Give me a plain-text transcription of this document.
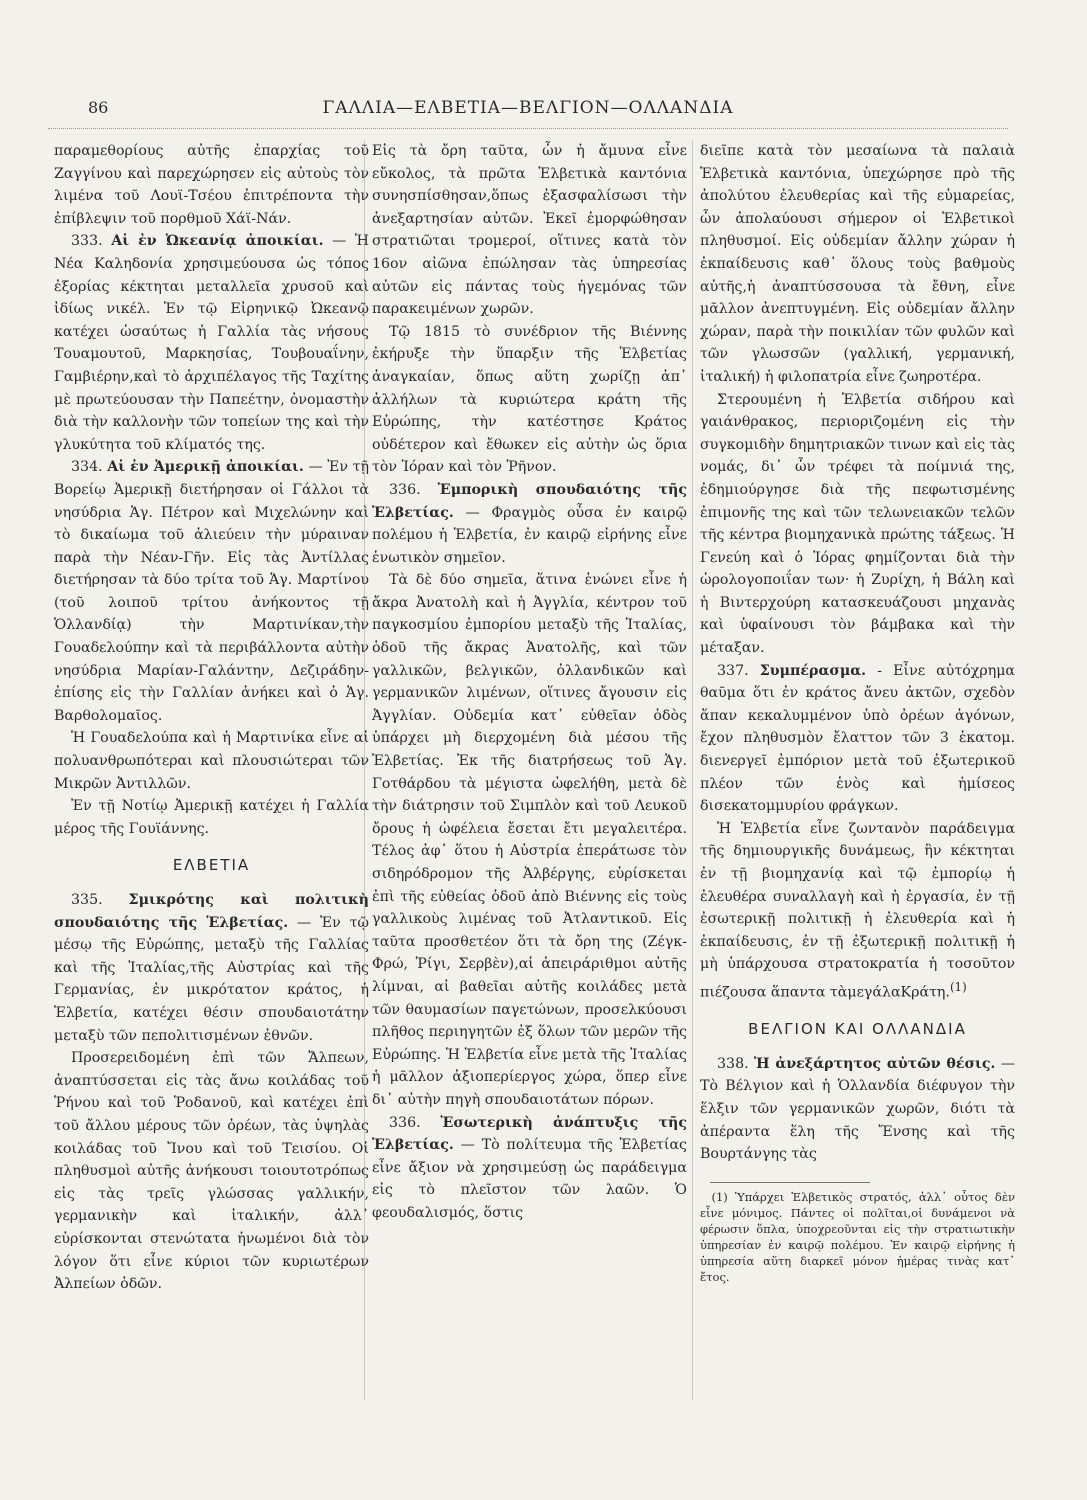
86	ΓΑΛΛΙΑ—ΕΛΒΕΤΙΑ—ΒΕΛΓΙΟΝ—ΟΛΛΑΝΔΙΑ

παραμεθορίους αὐτῆς ἐπαρχίας τοῦ Ζαγγίνου καὶ παρεχώρησεν εἰς αὐτοὺς τὸν λιμένα τοῦ Λουϊ-Τσέου ἐπιτρέποντα τὴν ἐπίβλεψιν τοῦ πορθμοῦ Χάϊ-Νάν.

333. Αἱ ἐν Ὠκεανίᾳ ἀποικίαι. — Ἡ Νέα Καληδονία χρησιμεύουσα ὡς τόπος ἐξορίας κέκτηται μεταλλεῖα χρυσοῦ καὶ ἰδίως νικέλ. Ἐν τῷ Εἰρηνικῷ Ὠκεανῷ κατέχει ὡσαύτως ἡ Γαλλία τὰς νήσους Τουαμουτοῦ, Μαρκησίας, Τουβουαΐνην, Γαμβιέρην,καὶ τὸ ἀρχιπέλαγος τῆς Ταχίτης μὲ πρωτεύουσαν τὴν Παπεέτην, ὀνομαστὴν διὰ τὴν καλλονὴν τῶν τοπείων της καὶ τὴν γλυκύτητα τοῦ κλίματός της.

334. Αἱ ἐν Ἀμερικῇ ἀποικίαι. — Ἐν τῇ Βορείῳ Ἀμερικῇ διετήρησαν οἱ Γάλλοι τὰ νησύδρια Ἁγ. Πέτρον καὶ Μιχελώνην καὶ τὸ δικαίωμα τοῦ ἁλιεύειν τὴν μύραιναν παρὰ τὴν Νέαν-Γῆν. Εἰς τὰς Ἀντίλλας διετήρησαν τὰ δύο τρίτα τοῦ Ἁγ. Μαρτίνου (τοῦ λοιποῦ τρίτου ἀνήκοντος τῇ Ὁλλανδίᾳ) τὴν Μαρτινίκαν,τὴν Γουαδελούπην καὶ τὰ περιβάλλοντα αὐτὴν νησύδρια Μαρίαν-Γαλάντην, Δεζιράδην-ἐπίσης εἰς τὴν Γαλλίαν ἀνήκει καὶ ὁ Ἁγ. Βαρθολομαῖος.

Ἡ Γουαδελούπα καὶ ἡ Μαρτινίκα εἶνε αἱ πολυανθρωπότεραι καὶ πλουσιώτεραι τῶν Μικρῶν Ἀντιλλῶν.

Ἐν τῇ Νοτίῳ Ἀμερικῇ κατέχει ἡ Γαλλία μέρος τῆς Γουϊάννης.

ΕΛΒΕΤΙΑ

335. Σμικρότης καὶ πολιτικὴ σπουδαιότης τῆς Ἑλβετίας. — Ἐν τῷ μέσῳ τῆς Εὐρώπης, μεταξὺ τῆς Γαλλίας καὶ τῆς Ἰταλίας,τῆς Αὐστρίας καὶ τῆς Γερμανίας, ἐν μικρότατον κράτος, ἡ Ἑλβετία, κατέχει θέσιν σπουδαιοτάτην μεταξὺ τῶν πεπολιτισμένων ἐθνῶν.

Προσερειδομένη ἐπὶ τῶν Ἄλπεων, ἀναπτύσσεται εἰς τὰς ἄνω κοιλάδας τοῦ Ῥήνου καὶ τοῦ Ῥοδανοῦ, καὶ κατέχει ἐπὶ τοῦ ἄλλου μέρους τῶν ὀρέων, τὰς ὑψηλὰς κοιλάδας τοῦ Ἴνου καὶ τοῦ Τεισίου. Οἱ πληθυσμοὶ αὐτῆς ἀνήκουσι τοιουτοτρόπως εἰς τὰς τρεῖς γλώσσας γαλλικήν, γερμανικὴν καὶ ἰταλικήν, ἀλλ᾿ εὑρίσκονται στενώτατα ἡνωμένοι διὰ τὸν λόγον ὅτι εἶνε κύριοι τῶν κυριωτέρων Ἀλπείων ὁδῶν.

Εἰς τὰ ὄρη ταῦτα, ὧν ἡ ἄμυνα εἶνε εὔκολος, τὰ πρῶτα Ἑλβετικὰ καντόνια συνησπίσθησαν,ὅπως ἐξασφαλίσωσι τὴν ἀνεξαρτησίαν αὐτῶν. Ἐκεῖ ἐμορφώθησαν στρατιῶται τρομεροί, οἵτινες κατὰ τὸν 16ον αἰῶνα ἐπώλησαν τὰς ὑπηρεσίας αὐτῶν εἰς πάντας τοὺς ἡγεμόνας τῶν παρακειμένων χωρῶν.

Τῷ 1815 τὸ συνέδριον τῆς Βιέννης ἐκήρυξε τὴν ὕπαρξιν τῆς Ἑλβετίας ἀναγκαίαν, ὅπως αὕτη χωρίζῃ ἀπ᾿ ἀλλήλων τὰ κυριώτερα κράτη τῆς Εὐρώπης, τὴν κατέστησε Κράτος οὐδέτερον καὶ ἔθωκεν εἰς αὐτὴν ὡς ὅρια τὸν Ἰόραν καὶ τὸν Ῥῆνον.

336. Ἐμπορικὴ σπουδαιότης τῆς Ἑλβετίας. — Φραγμὸς οὖσα ἐν καιρῷ πολέμου ἡ Ἑλβετία, ἐν καιρῷ εἰρήνης εἶνε ἑνωτικὸν σημεῖον.

Τὰ δὲ δύο σημεῖα, ἅτινα ἑνώνει εἶνε ἡ ἄκρα Ἀνατολὴ καὶ ἡ Ἀγγλία, κέντρον τοῦ παγκοσμίου ἐμπορίου μεταξὺ τῆς Ἰταλίας, ὁδοῦ τῆς ἄκρας Ἀνατολῆς, καὶ τῶν γαλλικῶν, βελγικῶν, ὀλλανδικῶν καὶ γερμανικῶν λιμένων, οἵτινες ἄγουσιν εἰς Ἀγγλίαν. Οὐδεμία κατ᾿ εὐθεῖαν ὁδὸς ὑπάρχει μὴ διερχομένη διὰ μέσου τῆς Ἑλβετίας. Ἐκ τῆς διατρήσεως τοῦ Ἁγ. Γοτθάρδου τὰ μέγιστα ὠφελήθη, μετὰ δὲ τὴν διάτρησιν τοῦ Σιμπλὸν καὶ τοῦ Λευκοῦ ὄρους ἡ ὠφέλεια ἔσεται ἔτι μεγαλειτέρα. Τέλος ἀφ᾿ ὅτου ἡ Αὐστρία ἐπεράτωσε τὸν σιδηρόδρομον τῆς Ἀλβέργης, εὑρίσκεται ἐπὶ τῆς εὐθείας ὁδοῦ ἀπὸ Βιέννης εἰς τοὺς γαλλικοὺς λιμένας τοῦ Ἀτλαντικοῦ. Εἰς ταῦτα προσθετέον ὅτι τὰ ὄρη της (Ζέγκ-Φρώ, Ῥίγι, Σερβὲν),αἱ ἀπειράριθμοι αὐτῆς λίμναι, αἱ βαθεῖαι αὐτῆς κοιλάδες μετὰ τῶν θαυμασίων παγετώνων, προσελκύουσι πλῆθος περιηγητῶν ἐξ ὅλων τῶν μερῶν τῆς Εὐρώπης. Ἡ Ἑλβετία εἶνε μετὰ τῆς Ἰταλίας ἡ μᾶλλον ἀξιοπερίεργος χώρα, ὅπερ εἶνε δι᾿ αὐτὴν πηγὴ σπουδαιοτάτων πόρων.

336. Ἐσωτερικὴ ἀνάπτυξις τῆς Ἑλβετίας. — Τὸ πολίτευμα τῆς Ἑλβετίας εἶνε ἄξιον νὰ χρησιμεύσῃ ὡς παράδειγμα εἰς τὸ πλεῖστον τῶν λαῶν. Ὁ φεουδαλισμός, ὅστις

διεῖπε κατὰ τὸν μεσαίωνα τὰ παλαιὰ Ἑλβετικὰ καντόνια, ὑπεχώρησε πρὸ τῆς ἀπολύτου ἐλευθερίας καὶ τῆς εὐμαρείας, ὧν ἀπολαύουσι σήμερον οἱ Ἑλβετικοὶ πληθυσμοί. Εἰς οὐδεμίαν ἄλλην χώραν ἡ ἐκπαίδευσις καθ᾿ ὅλους τοὺς βαθμοὺς αὐτῆς,ἡ ἀναπτύσσουσα τὰ ἔθνη, εἶνε μᾶλλον ἀνεπτυγμένη. Εἰς οὐδεμίαν ἄλλην χώραν, παρὰ τὴν ποικιλίαν τῶν φυλῶν καὶ τῶν γλωσσῶν (γαλλική, γερμανική, ἰταλική) ἡ φιλοπατρία εἶνε ζωηροτέρα.

Στερουμένη ἡ Ἑλβετία σιδήρου καὶ γαιάνθρακος, περιοριζομένη εἰς τὴν συγκομιδὴν δημητριακῶν τινων καὶ εἰς τὰς νομάς, δι᾿ ὧν τρέφει τὰ ποίμνιά της, ἐδημιούργησε διὰ τῆς πεφωτισμένης ἐπιμονῆς της καὶ τῶν τελωνειακῶν τελῶν τῆς κέντρα βιομηχανικὰ πρώτης τάξεως. Ἡ Γενεύη καὶ ὁ Ἰόρας φημίζονται διὰ τὴν ὡρολογοποιΐαν των· ἡ Ζυρίχη, ἡ Βάλη καὶ ἡ Βιντερχούρη κατασκευάζουσι μηχανὰς καὶ ὑφαίνουσι τὸν βάμβακα καὶ τὴν μέταξαν.

337. Συμπέρασμα. - Εἶνε αὐτόχρημα θαῦμα ὅτι ἐν κράτος ἄνευ ἀκτῶν, σχεδὸν ἅπαν κεκαλυμμένον ὑπὸ ὀρέων ἀγόνων, ἔχον πληθυσμὸν ἔλαττον τῶν 3 ἑκατομ. διενεργεῖ ἐμπόριον μετὰ τοῦ ἐξωτερικοῦ πλέον τῶν ἑνὸς καὶ ἡμίσεος δισεκατομμυρίου φράγκων.

Ἡ Ἑλβετία εἶνε ζωντανὸν παράδειγμα τῆς δημιουργικῆς δυνάμεως, ἣν κέκτηται ἐν τῇ βιομηχανίᾳ καὶ τῷ ἐμπορίῳ ἡ ἐλευθέρα συναλλαγὴ καὶ ἡ ἐργασία, ἐν τῇ ἐσωτερικῇ πολιτικῇ ἡ ἐλευθερία καὶ ἡ ἐκπαίδευσις, ἐν τῇ ἐξωτερικῇ πολιτικῇ ἡ μὴ ὑπάρχουσα στρατοκρατία ἡ τοσοῦτον πιέζουσα ἅπαντα τὰμεγάλαΚράτη.$^{(1)}$

ΒΕΛΓΙΟΝ ΚΑΙ ΟΛΛΑΝΔΙΑ

338. Ἡ ἀνεξάρτητος αὐτῶν θέσις. — Τὸ Βέλγιον καὶ ἡ Ὁλλανδία διέφυγον τὴν ἕλξιν τῶν γερμανικῶν χωρῶν, διότι τὰ ἀπέραντα ἕλη τῆς Ἔνσης καὶ τῆς Βουρτάνγης τὰς

(1) Ὑπάρχει Ἑλβετικὸς στρατός, ἀλλ᾿ οὗτος δὲν εἶνε μόνιμος. Πάντες οἱ πολῖται,οἱ δυνάμενοι νὰ φέρωσιν ὅπλα, ὑποχρεοῦνται εἰς τὴν στρατιωτικὴν ὑπηρεσίαν ἐν καιρῷ πολέμου. Ἐν καιρῷ εἰρήνης ἡ ὑπηρεσία αὕτη διαρκεῖ μόνον ἡμέρας τινὰς κατ᾿ ἔτος.
